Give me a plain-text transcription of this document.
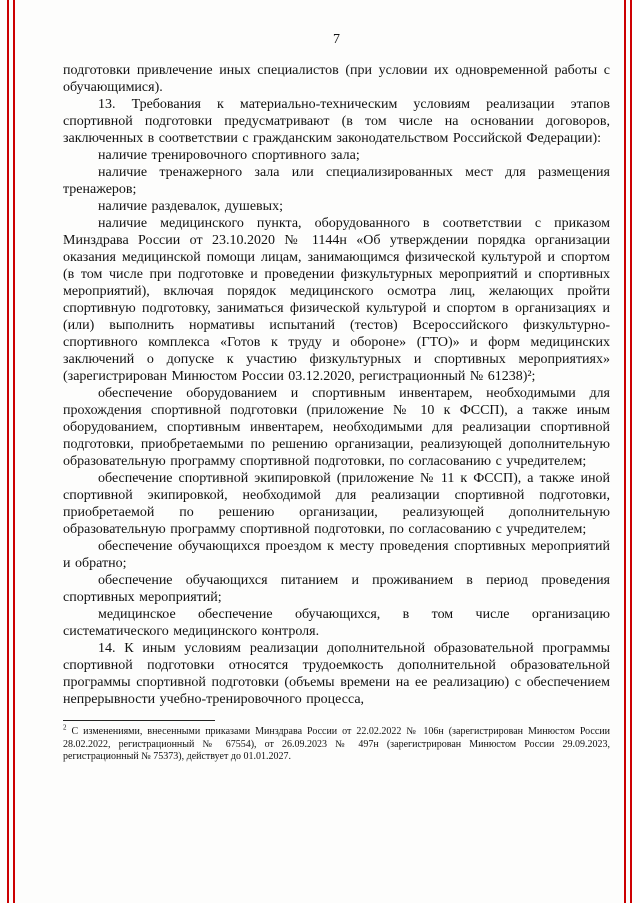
7

подготовки привлечение иных специалистов (при условии их одновременной работы с обучающимися).

13. Требования к материально-техническим условиям реализации этапов спортивной подготовки предусматривают (в том числе на основании договоров, заключенных в соответствии с гражданским законодательством Российской Федерации):

наличие тренировочного спортивного зала;

наличие тренажерного зала или специализированных мест для размещения тренажеров;

наличие раздевалок, душевых;

наличие медицинского пункта, оборудованного в соответствии с приказом Минздрава России от 23.10.2020 № 1144н «Об утверждении порядка организации оказания медицинской помощи лицам, занимающимся физической культурой и спортом (в том числе при подготовке и проведении физкультурных мероприятий и спортивных мероприятий), включая порядок медицинского осмотра лиц, желающих пройти спортивную подготовку, заниматься физической культурой и спортом в организациях и (или) выполнить нормативы испытаний (тестов) Всероссийского физкультурно-спортивного комплекса «Готов к труду и обороне» (ГТО)» и форм медицинских заключений о допуске к участию физкультурных и спортивных мероприятиях» (зарегистрирован Минюстом России 03.12.2020, регистрационный № 61238)²;

обеспечение оборудованием и спортивным инвентарем, необходимыми для прохождения спортивной подготовки (приложение № 10 к ФССП), а также иным оборудованием, спортивным инвентарем, необходимыми для реализации спортивной подготовки, приобретаемыми по решению организации, реализующей дополнительную образовательную программу спортивной подготовки, по согласованию с учредителем;

обеспечение спортивной экипировкой (приложение № 11 к ФССП), а также иной спортивной экипировкой, необходимой для реализации спортивной подготовки, приобретаемой по решению организации, реализующей дополнительную образовательную программу спортивной подготовки, по согласованию с учредителем;

обеспечение обучающихся проездом к месту проведения спортивных мероприятий и обратно;

обеспечение обучающихся питанием и проживанием в период проведения спортивных мероприятий;

медицинское обеспечение обучающихся, в том числе организацию систематического медицинского контроля.

14. К иным условиям реализации дополнительной образовательной программы спортивной подготовки относятся трудоемкость дополнительной образовательной программы спортивной подготовки (объемы времени на ее реализацию) с обеспечением непрерывности учебно-тренировочного процесса,

$^2$ С изменениями, внесенными приказами Минздрава России от 22.02.2022 № 106н (зарегистрирован Минюстом России 28.02.2022, регистрационный № 67554), от 26.09.2023 № 497н (зарегистрирован Минюстом России 29.09.2023, регистрационный № 75373), действует до 01.01.2027.
